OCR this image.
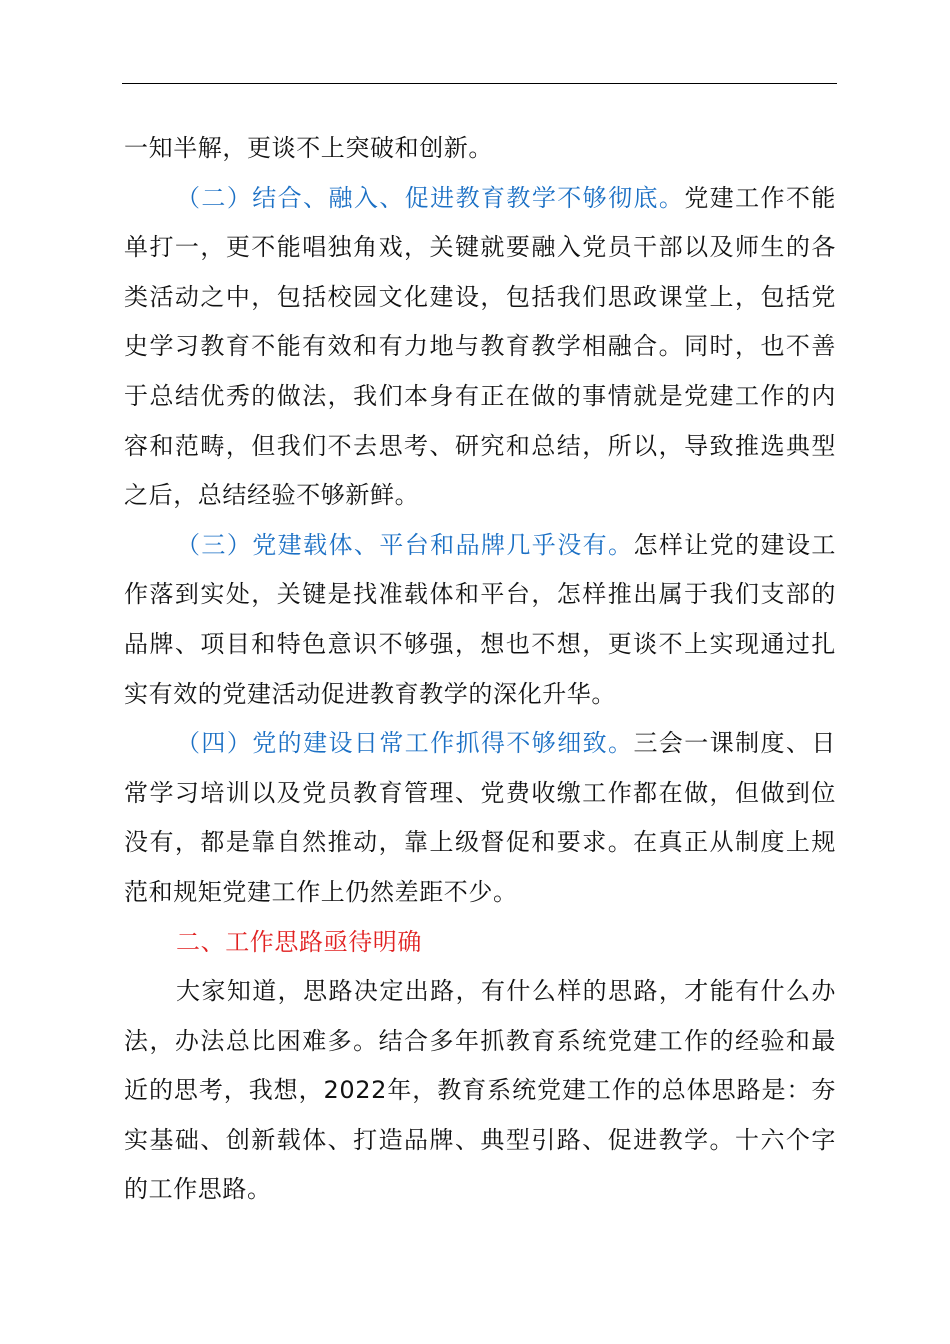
一知半解，更谈不上突破和创新。

（二）结合、融入、促进教育教学不够彻底。党建工作不能单打一，更不能唱独角戏，关键就要融入党员干部以及师生的各类活动之中，包括校园文化建设，包括我们思政课堂上，包括党史学习教育不能有效和有力地与教育教学相融合。同时，也不善于总结优秀的做法，我们本身有正在做的事情就是党建工作的内容和范畴，但我们不去思考、研究和总结，所以，导致推选典型之后，总结经验不够新鲜。

（三）党建载体、平台和品牌几乎没有。怎样让党的建设工作落到实处，关键是找准载体和平台，怎样推出属于我们支部的品牌、项目和特色意识不够强，想也不想，更谈不上实现通过扎实有效的党建活动促进教育教学的深化升华。

（四）党的建设日常工作抓得不够细致。三会一课制度、日常学习培训以及党员教育管理、党费收缴工作都在做，但做到位没有，都是靠自然推动，靠上级督促和要求。在真正从制度上规范和规矩党建工作上仍然差距不少。

二、工作思路亟待明确

大家知道，思路决定出路，有什么样的思路，才能有什么办法，办法总比困难多。结合多年抓教育系统党建工作的经验和最近的思考，我想，2022年，教育系统党建工作的总体思路是：夯实基础、创新载体、打造品牌、典型引路、促进教学。十六个字的工作思路。
